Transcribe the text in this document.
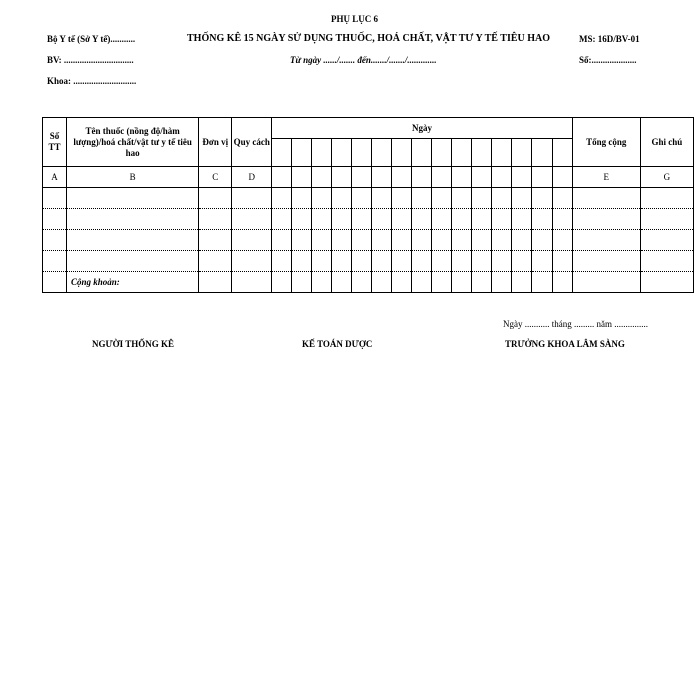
PHỤ LỤC 6
Bộ Y tế (Sở Y tế)...........	THỐNG KÊ 15 NGÀY SỬ DỤNG THUỐC, HOÁ CHẤT, VẬT TƯ Y TẾ TIÊU HAO	MS: 16D/BV-01
BV: ...............................	Từ ngày ....../....... đến......./......./.............	Số:....................
Khoa: ............................
Số TT	Tên thuốc (nồng độ/hàm lượng)/hoá chất/vật tư y tế tiêu hao	Đơn vị	Quy cách	Ngày															Tổng cộng	Ghi chú

A	B	C	D																E	G

	Cộng khoản:																			
Ngày ........... tháng ......... năm ...............
NGƯỜI THỐNG KÊ	KẾ TOÁN DƯỢC	TRƯỞNG KHOA LÂM SÀNG
